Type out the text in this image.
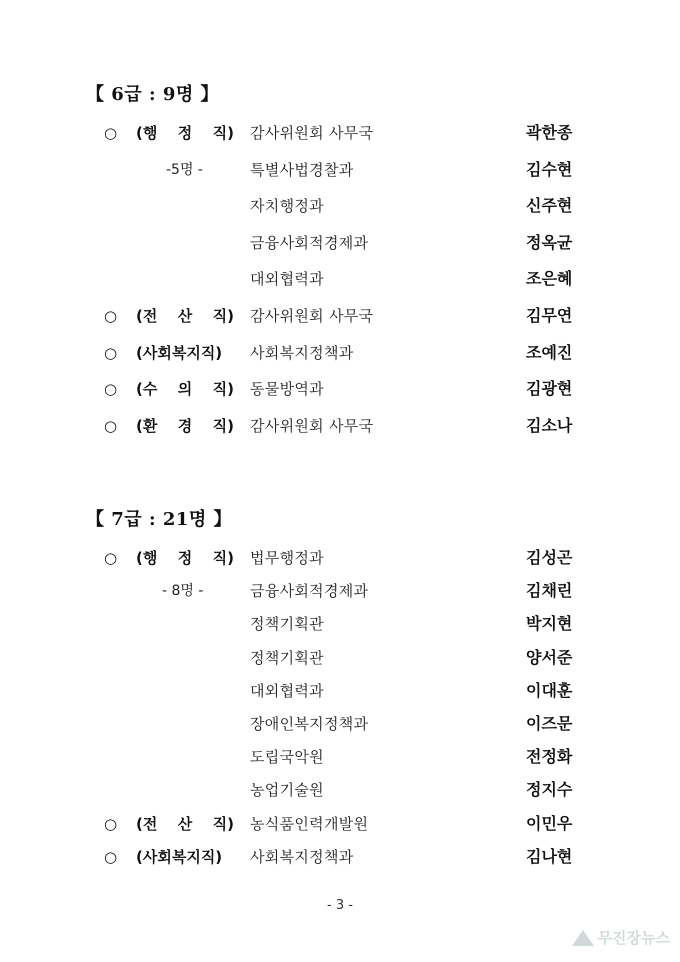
【 6급 : 9명 】
○ (행 정 직) 감사위원회 사무국	곽한종
-5명 -	특별사법경찰과	김수현
자치행정과	신주현
금융사회적경제과	정옥균
대외협력과	조은혜
○ (전 산 직) 감사위원회 사무국	김무연
○ (사회복지직) 사회복지정책과	조예진
○ (수 의 직) 동물방역과	김광현
○ (환 경 직) 감사위원회 사무국	김소나
【 7급 : 21명 】
○ (행 정 직) 법무행정과	김성곤
- 8명 -	금융사회적경제과	김채린
정책기획관	박지현
정책기획관	양서준
대외협력과	이대훈
장애인복지정책과	이즈문
도립국악원	전정화
농업기술원	정지수
○ (전 산 직) 농식품인력개발원	이민우
○ (사회복지직) 사회복지정책과	김나현
- 3 -
무진장뉴스
